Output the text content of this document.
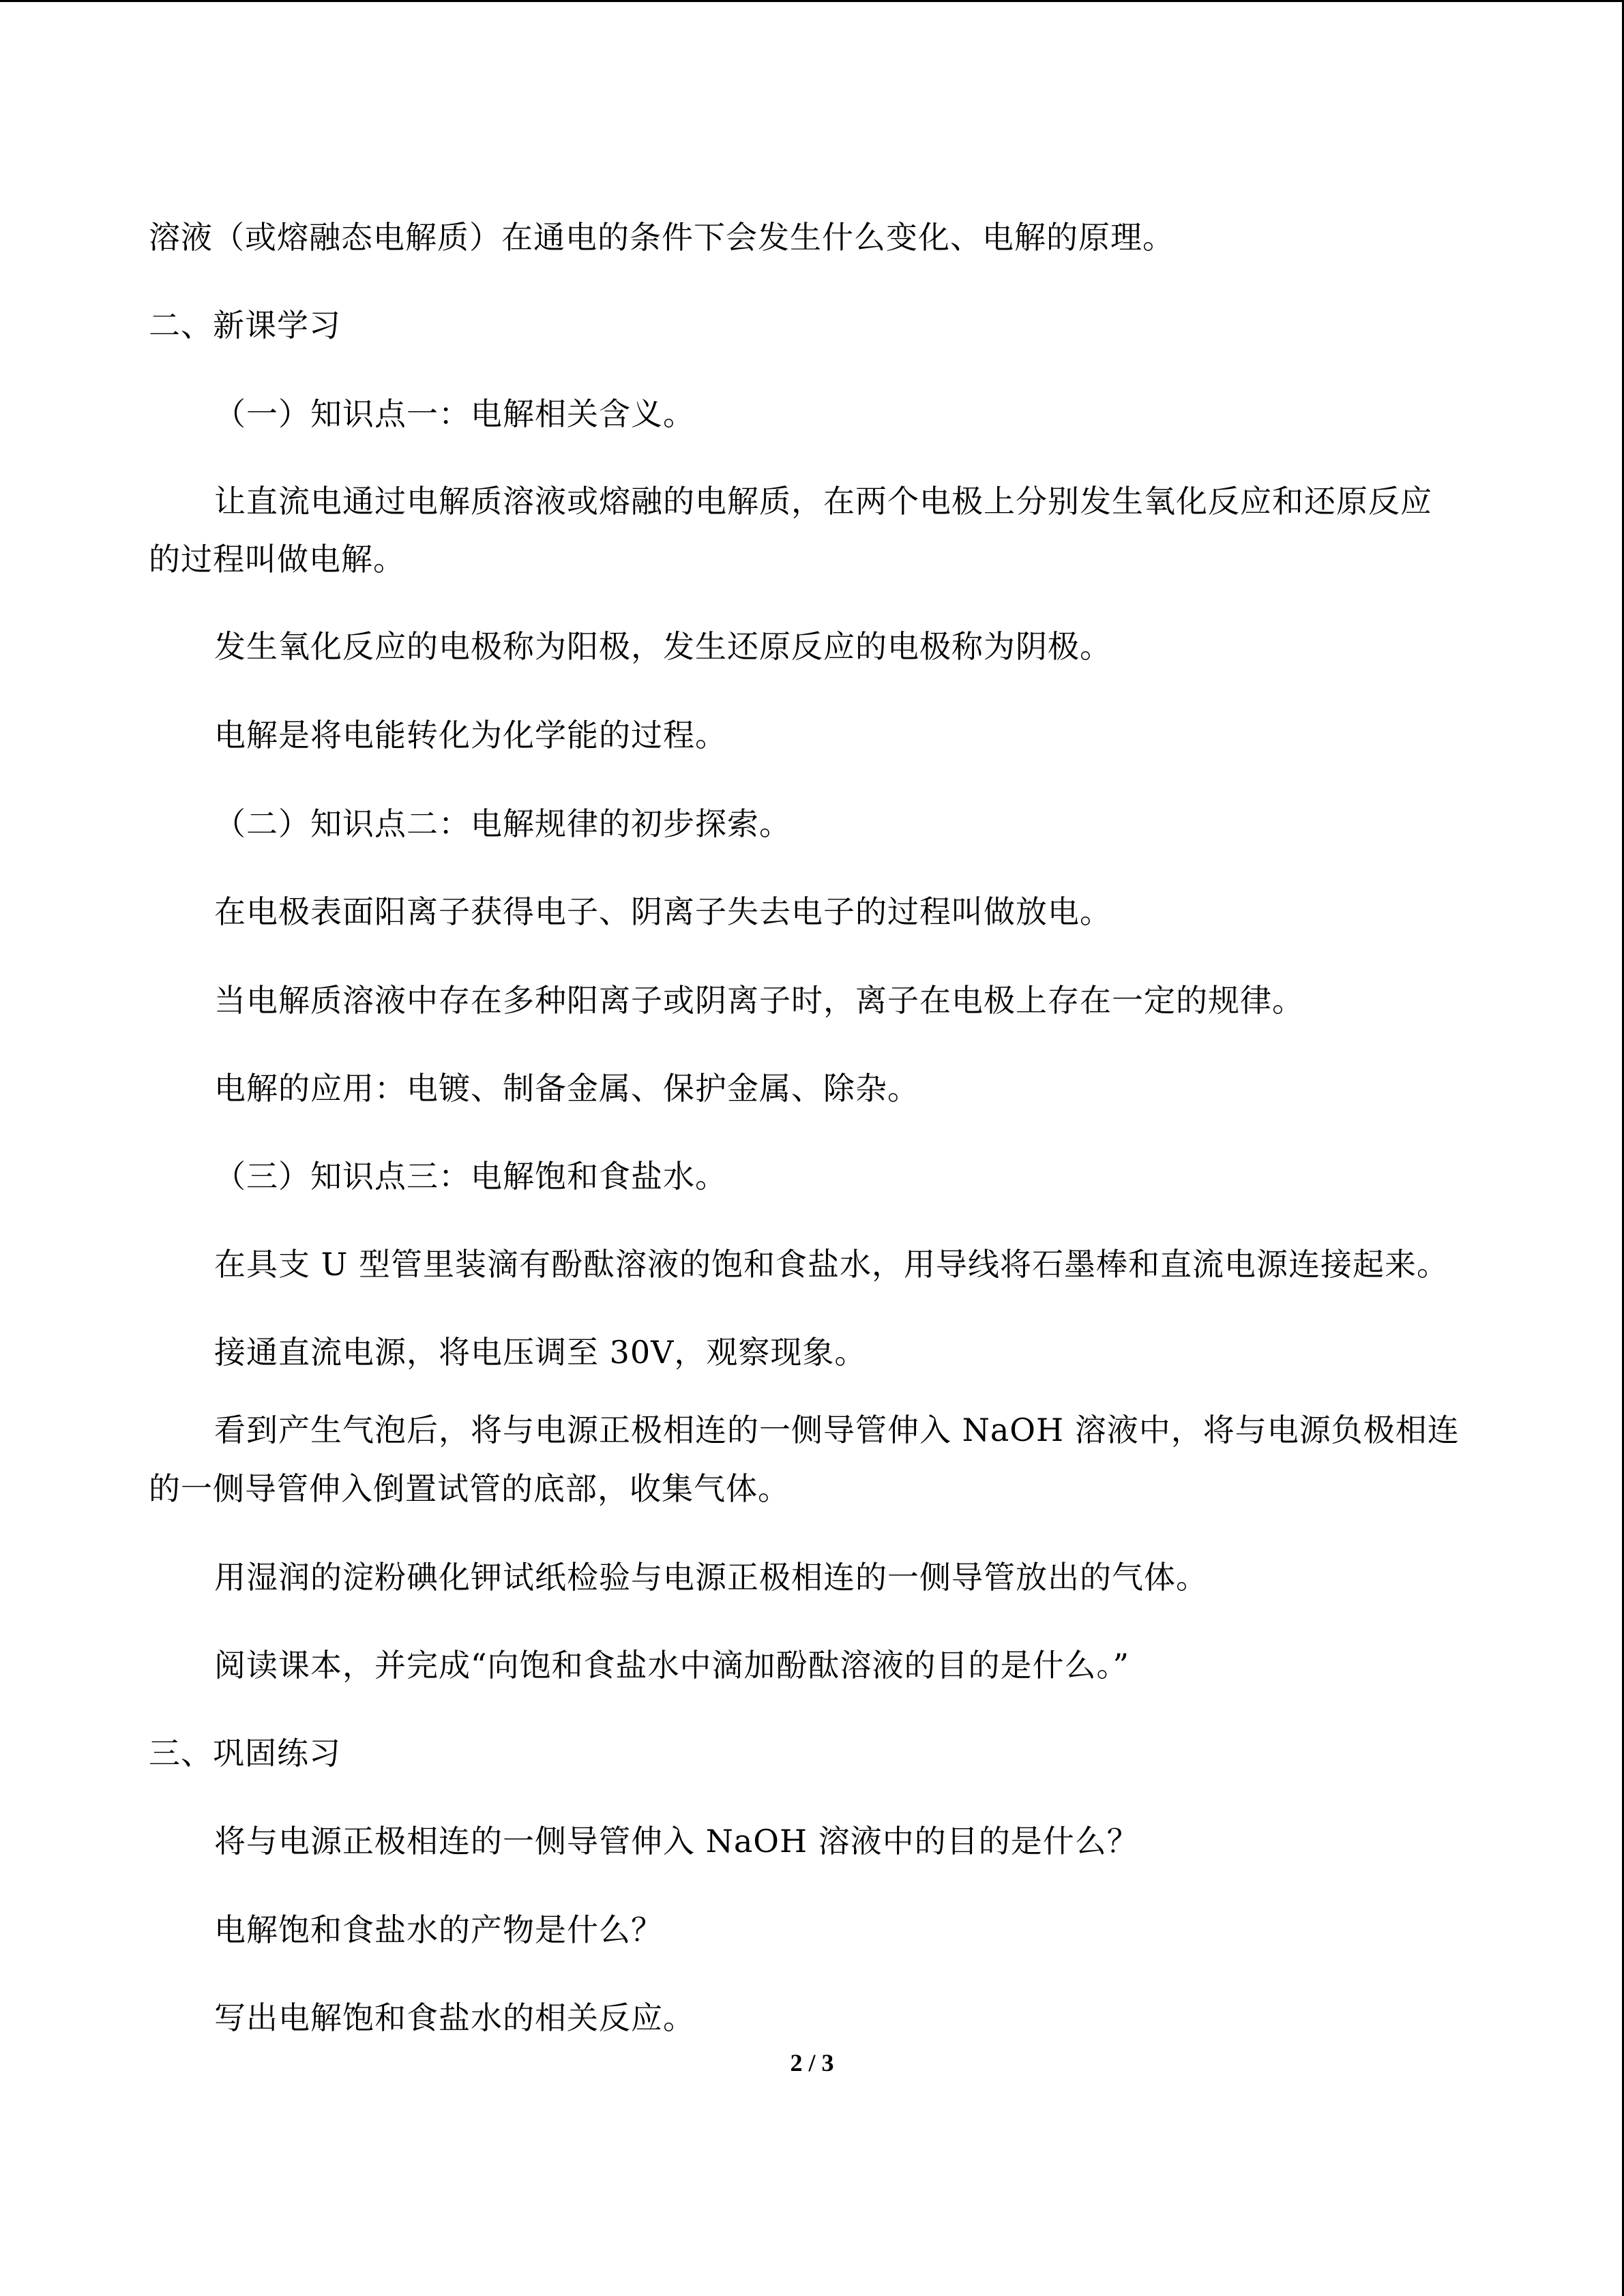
溶液（或熔融态电解质）在通电的条件下会发生什么变化、电解的原理。
二、新课学习
（一）知识点一：电解相关含义。
让直流电通过电解质溶液或熔融的电解质，在两个电极上分别发生氧化反应和还原反应
的过程叫做电解。
发生氧化反应的电极称为阳极，发生还原反应的电极称为阴极。
电解是将电能转化为化学能的过程。
（二）知识点二：电解规律的初步探索。
在电极表面阳离子获得电子、阴离子失去电子的过程叫做放电。
当电解质溶液中存在多种阳离子或阴离子时，离子在电极上存在一定的规律。
电解的应用：电镀、制备金属、保护金属、除杂。
（三）知识点三：电解饱和食盐水。
在具支 U 型管里装滴有酚酞溶液的饱和食盐水，用导线将石墨棒和直流电源连接起来。
接通直流电源，将电压调至 30V，观察现象。
看到产生气泡后，将与电源正极相连的一侧导管伸入 NaOH 溶液中，将与电源负极相连
的一侧导管伸入倒置试管的底部，收集气体。
用湿润的淀粉碘化钾试纸检验与电源正极相连的一侧导管放出的气体。
阅读课本，并完成“向饱和食盐水中滴加酚酞溶液的目的是什么。”
三、巩固练习
将与电源正极相连的一侧导管伸入 NaOH 溶液中的目的是什么？
电解饱和食盐水的产物是什么？
写出电解饱和食盐水的相关反应。
2 / 3
